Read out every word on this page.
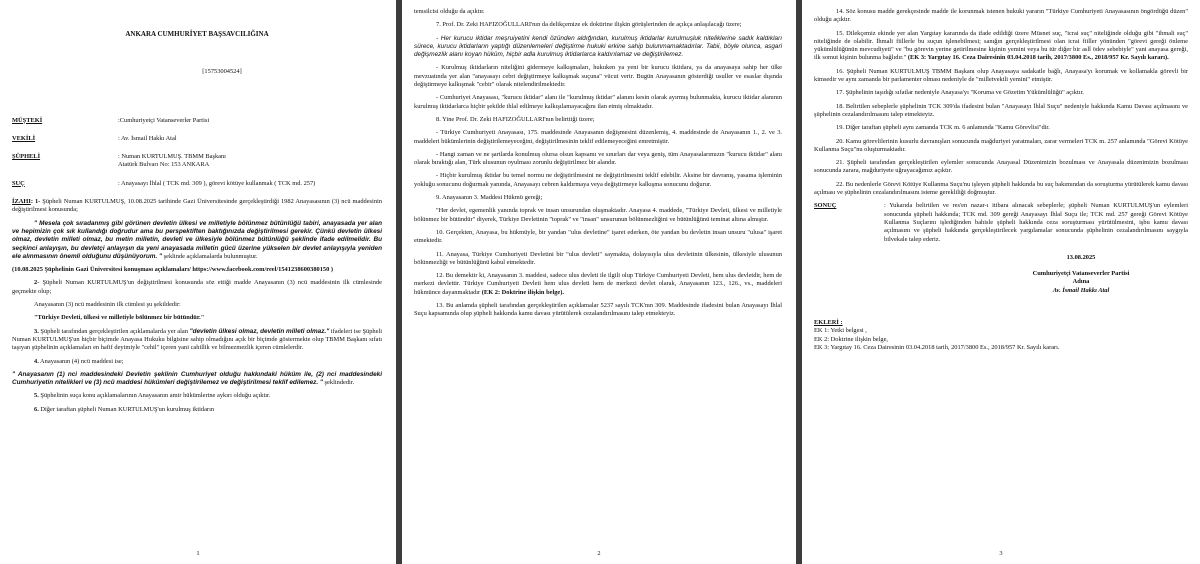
ANKARA CUMHURİYET BAŞSAVCILIĞINA
[15753004524]
MÜŞTEKİ	:Cumhuriyetçi Vatanseverler Partisi
VEKİLİ	: Av. İsmail Hakkı Atal
ŞÜPHELİ	: Numan KURTULMUŞ. TBMM Başkanı
Atatürk Bulvarı No: 153 ANKARA
SUÇ	: Anayasayı İhlal ( TCK md. 309 ), görevi kötüye kullanmak ( TCK md. 257)

İZAHI: 1- Şüpheli Numan KURTULMUŞ, 10.08.2025 tarihinde Gazi Üniversitesinde gerçekleştirdiği 1982 Anayasasının (3) ncü maddesinin değiştirilmesi konusunda;

" Mesela çok sıradanmış gibi görünen devletin ülkesi ve milletiyle bölünmez bütünlüğü tabiri, anayasada yer alan ve hepimizin çok sık kullandığı doğrudur ama bu perspektiften baktığınızda değiştirilmesi gerekir. Çünkü devletin ülkesi olmaz, devletin milleti olmaz, bu metin milletin, devleti ve ülkesiyle bölünmez bütünlüğü şeklinde ifade edilmelidir. Bu seçkinci anlayışın, bu devletçi anlayışın da yeni anayasada milletin gücü üzerine yükselen bir devlet anlayışıyla yeniden ele alınmasının önemli olduğunu düşünüyorum. " şeklinde açıklamalarda bulunmuştur.

(10.08.2025 Şüphelinin Gazi Üniversitesi konuşması açıklamaları/ https://www.facebook.com/reel/1541238600380150 )

2- Şüpheli Numan KURTULMUŞ'un değiştirilmesi konusunda söz ettiği madde Anayasanın (3) ncü maddesinin ilk cümlesinde geçmekte olup;

Anayasanın (3) ncü maddesinin ilk cümlesi şu şekildedir:

"Türkiye Devleti, ülkesi ve milletiyle bölünmez bir bütündür."

3. Şüpheli tarafından gerçekleştirilen açıklamalarda yer alan "devletin ülkesi olmaz, devletin milleti olmaz." ifadeleri ise Şüpheli Numan KURTULMUŞ'un hiçbir biçimde Anayasa Hukuku bilgisine sahip olmadığını açık bir biçimde göstermekte olup TBMM Başkanı sıfatı taşıyan şüphelinin açıklamaları en hafif deyimiyle "cehil" içeren yani cahillik ve bilmezmezlik içeren cümlelerdir.

4. Anayasanın (4) ncü maddesi ise;

" Anayasanın (1) nci maddesindeki Devletin şeklinin Cumhuriyet olduğu hakkındaki hüküm ile, (2) nci maddesindeki Cumhuriyetin nitelikleri ve (3) ncü maddesi hükümleri değiştirilemez ve değiştirilmesi teklif edilemez. " şeklindedir.

5. Şüphelinin suça konu açıklamalarının Anayasanın amir hükümlerine aykırı olduğu açıktır.

6. Diğer taraftan şüpheli Numan KURTULMUŞ'un kurulmuş iktidarın

1

temsilcisi olduğu da açıktır.

7. Prof. Dr. Zeki HAFIZOĞULLARI'nın da delikçemize ek doktirine ilişkin görüşlerinden de açıkça anlaşılacağı üzere;

- Her kurucu iktidar meşruiyetini kendi özünden aldığından, kurulmuş iktidarlar kurulmuşluk niteliklerine sadık kaldıkları sürece, kurucu iktidarların yaptığı düzenlemeleri değiştirme hukuki erkine sahip bulunmamaktadırlar. Tabii, böyle olunca, asgari değişmezlik alanı koyan hüküm, hiçbir adla kurulmuş iktidarlarca kaldırılamaz ve değiştirilemez.

- Kurulmuş iktidarların niteliğini gidermeye kalkışmaları, hukuken ya yeni bir kurucu iktidara, ya da anayasaya sahip her ülke mevzuatında yer alan "anayasayı cebri değiştirmeye kalkışmak suçuna" vücut verir. Bugün Anayasanın gösterdiği usuller ve esaslar dışında değiştirmeye kalkışmak "cebir" olarak nitelendirilmektedir.

- Cumhuriyet Anayasası, "kurucu iktidar" alanı ile "kurulmuş iktidar" alanını kesin olarak ayırmış bulunmakta, kurucu iktidar alanının kurulmuş iktidarlarca hiçbir şekilde ihlal edilmeye kalkışılamayacağını ilan etmiş olmaktadır.

8. Yine Prof. Dr. Zeki HAFIZOĞULLARI'nın belirttiği üzere;

- Türkiye Cumhuriyeti Anayasası, 175. maddesinde Anayasanın değişmesini düzenlemiş, 4. maddesinde de Anayasanın 1., 2. ve 3. maddeleri hükümlerinin değiştirilemeyeceğini, değiştirilmesinin teklif edilemeyeceğini emretmiştir.

- Hangi zaman ve ne şartlarda konulmuş olursa olsun kapsamı ve sınırları dar veya geniş, tüm Anayasalarımızın "kurucu iktidar" alanı olarak bıraktığı alan, Türk ulusunun oyulması zorunlu değiştirilmez bir alandır.

- Hiçbir kurulmuş iktidar bu temel normu ne değiştirilmesini ne değiştirilmesini teklif edebilir. Aksine bir davranış, yasama işleminin yokluğu sonucunu doğurmak yanında, Anayasayı cebren kaldırmaya veya değiştirmeye kalkışma sonucunu doğurur.

9. Anayasanın 3. Maddesi Hükmü gereği;

"Her devlet, egemenlik yanında toprak ve insan unsurundan oluşmaktadır. Anayasa 4. maddede, "Türkiye Devleti, ülkesi ve milletiyle bölünmez bir bütündür" diyerek, Türkiye Devletinin "toprak" ve "insan" unsurunun bölünmezliğini ve bütünlüğünü teminat altına almıştır.

10. Gerçekten, Anayasa, bu hükmüyle, bir yandan "ulus devletine" işaret ederken, öte yandan bu devletin insan unsuru "ulusa" işaret etmektedir.

11. Anayasa, Türkiye Cumhuriyeti Devletini bir "ulus devleti" saymakta, dolayısıyla ulus devletinin ülkesinin, ülkesiyle ulusunun bölünmezliği ve bütünlüğünü kabul etmektedir.

12. Bu demektir ki, Anayasanın 3. maddesi, sadece ulus devleti ile ilgili olup Türkiye Cumhuriyeti Devleti, hem ulus devletdir, hem de merkezi devlettir. Türkiye Cumhuriyeti Devleti hem ulus devleti hem de merkezi devlet olarak, Anayasanın 123., 126., vs., maddeleri hükmünce dayanmaktadır (EK 2: Doktrine ilişkin belge).

13. Bu anlamda şüpheli tarafından gerçekleştirilen açıklamalar 5237 sayılı TCK'nın 309. Maddesinde ifadesini bulan Anayasayı İhlal Suçu kapsamında olup şüpheli hakkında kamu davası yürütülerek cezalandırılmasını talep etmekteyiz.

2

14. Söz konusu madde gerekçesinde madde ile korunmak istenen hukuki yararın "Türkiye Cumhuriyeti Anayasasının öngördüğü düzen" olduğu açıktır.

15. Dilekçemiz ekinde yer alan Yargıtay kararında da ifade edildiği üzere Müsnet suç, "icrai suç" niteliğinde olduğu gibi "ihmali suç" niteliğinde de olabilir. İhmali fiillerle bu suçun işlenebilmesi; sanığın gerçekleştirilmesi olan icrai fiiller yönünden "görevi gereği önleme yükümlülüğünün mevcudiyeti" ve "bu görevin yerine getirilmesine kişinin yemini veya bu tür diğer bir aslî ödev sebebiyle" yani anayasa gereği, ilk somut kişinin bulunma bağlıdır." (EK 3: Yargıtay 16. Ceza Dairesinin 03.04.2018 tarih, 2017/3800 Es., 2018/957 Kr. Sayılı kararı).

16. Şüpheli Numan KURTULMUŞ TBMM Başkanı olup Anayasaya sadakatle bağlı, Anayasa'yı korumak ve kollamakla görevli bir kimsedir ve aynı zamanda bir parlamenter olması nedeniyle de "milletvekili yemini" etmiştir.

17. Şüphelinin taşıdığı sıfatlar nedeniyle Anayasa'yı "Koruma ve Gözetim Yükümlülüğü" açıktır.

18. Belirtilen sebeplerle şüphelinin TCK 309'da ifadesini bulan "Anayasayı İhlal Suçu" nedeniyle hakkında Kamu Davası açılmasını ve şüphelinin cezalandırılmasını talep etmekteyiz.

19. Diğer taraftan şüpheli aynı zamanda TCK m. 6 anlamında "Kamu Görevlisi"dir.

20. Kamu görevlilerinin kusurlu davranışları sonucunda mağduriyet yaratmaları, zarar vermeleri TCK m. 257 anlamında "Görevi Kötüye Kullanma Suçu"nu oluşturmaktadır.

21. Şüpheli tarafından gerçekleştirilen eylemler sonucunda Anayasal Düzenimizin bozulması ve Anayasala düzenimizin bozulması sonucunda zarara, mağduriyete uğrayacağımız açıktır.

22. Bu nedenlerle Görevi Kötüye Kullanma Suçu'nu işleyen şüpheli hakkında bu suç bakımından da soruşturma yürütülerek kamu davası açılması ve şüphelinin cezalandırılmasını isteme gerekliliği doğmuştur.

SONUÇ	: Yukarıda belirtilen ve res'en nazar-ı itibara alınacak sebeplerle; şüpheli Numan KURTULMUŞ'un eylemleri sonucunda şüpheli hakkında; TCK md. 309 gereği Anayasayı İhlal Suçu ile; TCK md. 257 gereği Görevi Kötüye Kullanma Suçlarını işlediğinden bahisle şüpheli hakkında ceza soruşturması yürütülmesini, işbu kamu davası açılmasını ve şüpheli hakkında gerçekleştirilecek yargılamalar sonucunda şüphelinin cezalandırılmasını saygıyla bilvekale talep ederiz.
13.08.2025
Cumhuriyetçi Vatanseverler Partisi
Adına
Av. İsmail Hakkı Atal

EKLERİ :

EK 1: Yetki belgesi ,

EK 2: Doktrine ilişkin belge,

EK 3: Yargıtay 16. Ceza Dairesinin 03.04.2018 tarih, 2017/3800 Es., 2018/957 Kr. Sayılı kararı.

3
